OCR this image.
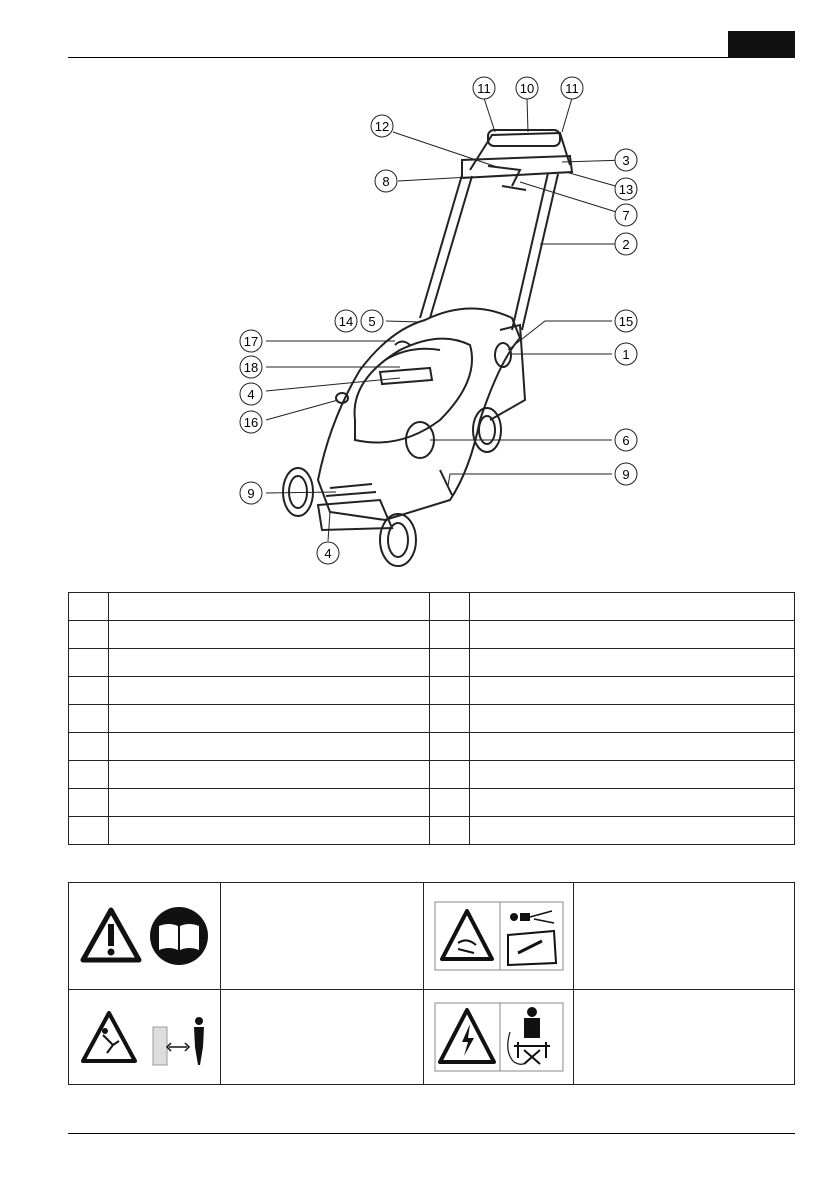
11 10 11
12
3
8
13
7
2
14 5	15
17
1
18
4
16
6
9
9
4
